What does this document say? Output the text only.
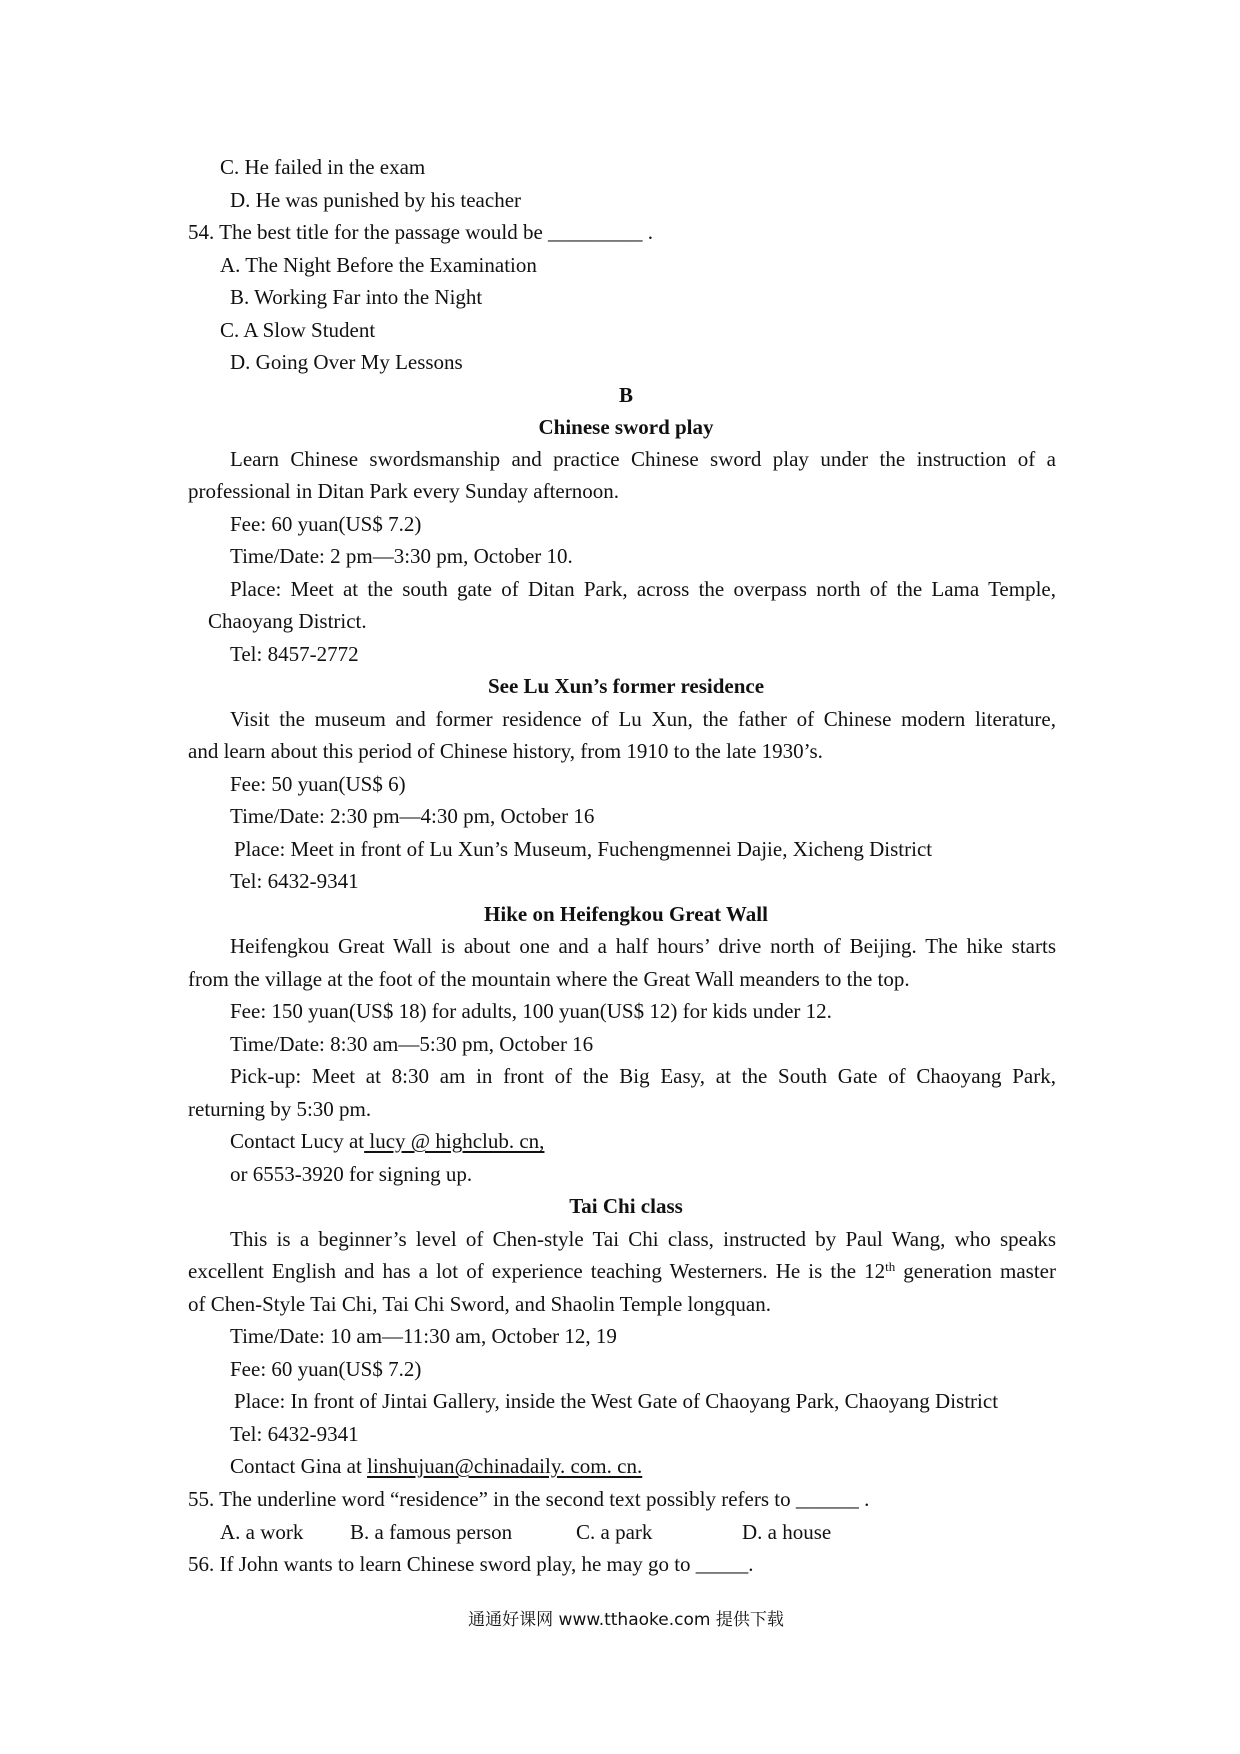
C. He failed in the exam
D. He was punished by his teacher
54. The best title for the passage would be _________ .
A. The Night Before the Examination
B. Working Far into the Night
C. A Slow Student
D. Going Over My Lessons
B
Chinese sword play
Learn Chinese swordsmanship and practice Chinese sword play under the instruction of a
professional in Ditan Park every Sunday afternoon.
Fee: 60 yuan(US$ 7.2)
Time/Date: 2 pm—3:30 pm, October 10.
Place: Meet at the south gate of Ditan Park, across the overpass north of the Lama Temple,
Chaoyang District.
Tel: 8457-2772
See Lu Xun’s former residence
Visit the museum and former residence of Lu Xun, the father of Chinese modern literature,
and learn about this period of Chinese history, from 1910 to the late 1930’s.
Fee: 50 yuan(US$ 6)
Time/Date: 2:30 pm—4:30 pm, October 16
Place: Meet in front of Lu Xun’s Museum, Fuchengmennei Dajie, Xicheng District
Tel: 6432-9341
Hike on Heifengkou Great Wall
Heifengkou Great Wall is about one and a half hours’ drive north of Beijing. The hike starts
from the village at the foot of the mountain where the Great Wall meanders to the top.
Fee: 150 yuan(US$ 18) for adults, 100 yuan(US$ 12) for kids under 12.
Time/Date: 8:30 am—5:30 pm, October 16
Pick-up: Meet at 8:30 am in front of the Big Easy, at the South Gate of Chaoyang Park,
returning by 5:30 pm.
Contact Lucy at lucy @ highclub. cn,
or 6553-3920 for signing up.
Tai Chi class
This is a beginner’s level of Chen-style Tai Chi class, instructed by Paul Wang, who speaks
excellent English and has a lot of experience teaching Westerners. He is the 12th generation master
of Chen-Style Tai Chi, Tai Chi Sword, and Shaolin Temple longquan.
Time/Date: 10 am—11:30 am, October 12, 19
Fee: 60 yuan(US$ 7.2)
Place: In front of Jintai Gallery, inside the West Gate of Chaoyang Park, Chaoyang District
Tel: 6432-9341
Contact Gina at linshujuan@chinadaily. com. cn.
55. The underline word “residence” in the second text possibly refers to ______ .
A. a work B. a famous person	C. a park	D. a house
56. If John wants to learn Chinese sword play, he may go to _____.
通通好课网 www.tthaoke.com 提供下载
